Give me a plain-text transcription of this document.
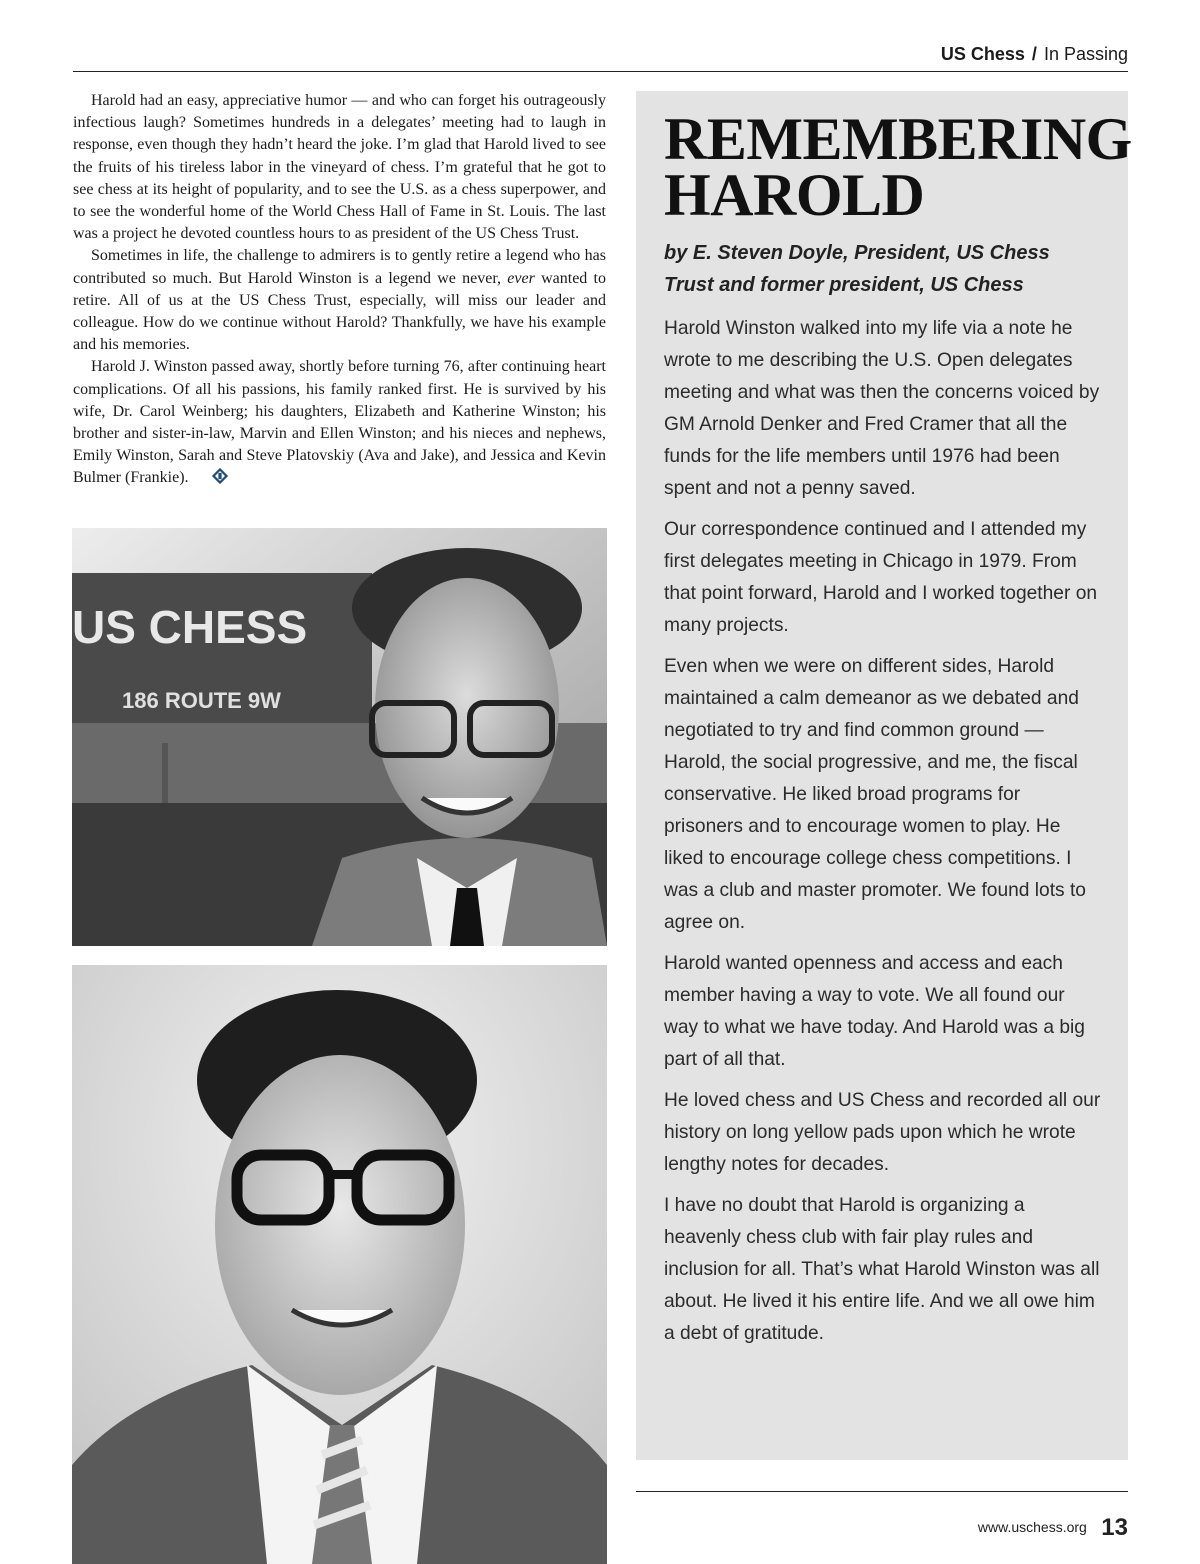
US Chess / In Passing

Harold had an easy, appreciative humor — and who can forget his outrageously infectious laugh? Sometimes hundreds in a delegates’ meeting had to laugh in response, even though they hadn’t heard the joke. I’m glad that Harold lived to see the fruits of his tireless labor in the vineyard of chess. I’m grateful that he got to see chess at its height of popularity, and to see the U.S. as a chess superpower, and to see the wonderful home of the World Chess Hall of Fame in St. Louis. The last was a project he devoted countless hours to as president of the US Chess Trust.

Sometimes in life, the challenge to admirers is to gently retire a legend who has contributed so much. But Harold Winston is a legend we never, ever wanted to retire. All of us at the US Chess Trust, especially, will miss our leader and colleague. How do we continue without Harold? Thankfully, we have his example and his memories.

Harold J. Winston passed away, shortly before turning 76, after continuing heart complications. Of all his passions, his family ranked first. He is survived by his wife, Dr. Carol Weinberg; his daughters, Elizabeth and Katherine Winston; his brother and sister-in-law, Marvin and Ellen Winston; and his nieces and nephews, Emily Winston, Sarah and Steve Platovskiy (Ava and Jake), and Jessica and Kevin Bulmer (Frankie).

US CHESS
186 ROUTE 9W
REMEMBERING
HAROLD
by E. Steven Doyle, President, US Chess
Trust and former president, US Chess

Harold Winston walked into my life via a note he wrote to me describing the U.S. Open delegates meeting and what was then the concerns voiced by GM Arnold Denker and Fred Cramer that all the funds for the life members until 1976 had been spent and not a penny saved.

Our correspondence continued and I attended my first delegates meeting in Chicago in 1979. From that point forward, Harold and I worked together on many projects.

Even when we were on different sides, Harold maintained a calm demeanor as we debated and negotiated to try and find common ground — Harold, the social progressive, and me, the fiscal conservative. He liked broad programs for prisoners and to encourage women to play. He liked to encourage college chess competitions. I was a club and master promoter. We found lots to agree on.

Harold wanted openness and access and each member having a way to vote. We all found our way to what we have today. And Harold was a big part of all that.

He loved chess and US Chess and recorded all our history on long yellow pads upon which he wrote lengthy notes for decades.

I have no doubt that Harold is organizing a heavenly chess club with fair play rules and inclusion for all. That’s what Harold Winston was all about. He lived it his entire life. And we all owe him a debt of gratitude.

www.uschess.org 13
